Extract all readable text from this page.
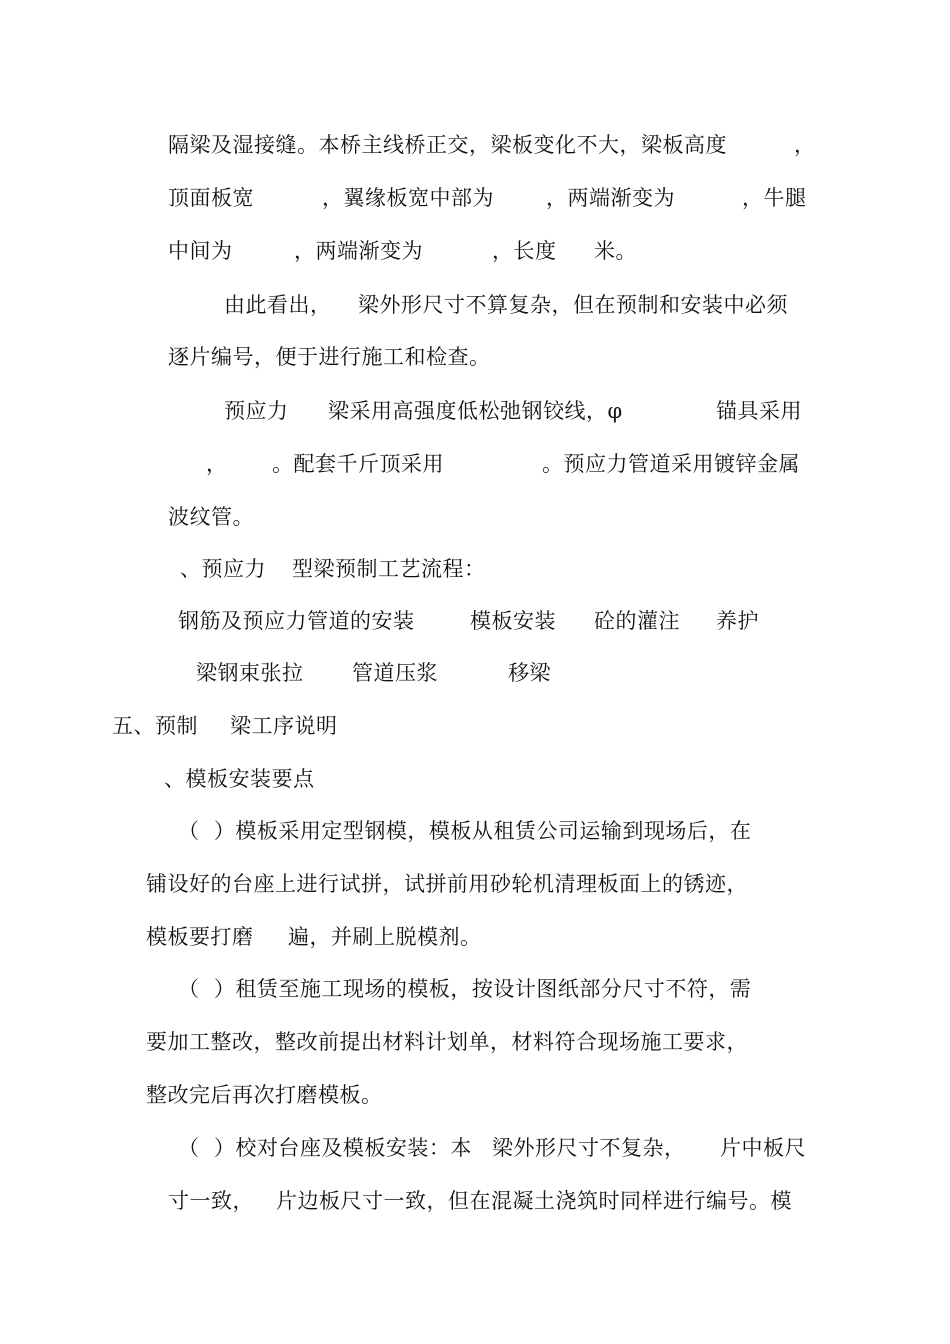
隔梁及湿接缝。本桥主线桥正交，梁板变化不大，梁板高度	，
顶面板宽	，翼缘板宽中部为 ，两端渐变为	，牛腿
中间为	，两端渐变为	，长度 米。
由此看出， 梁外形尺寸不算复杂，但在预制和安装中必须
逐片编号，便于进行施工和检查。
预应力 梁采用高强度低松弛钢铰线，φ	锚具采用
， 。配套千斤顶采用	。预应力管道采用镀锌金属
波纹管。
、预应力 型梁预制工艺流程：
钢筋及预应力管道的安装	模板安装 砼的灌注 养护
梁钢束张拉 管道压浆	移梁
五、预制 梁工序说明
、模板安装要点
（  ）模板采用定型钢模，模板从租赁公司运输到现场后，在
铺设好的台座上进行试拼，试拼前用砂轮机清理板面上的锈迹，
模板要打磨 遍，并刷上脱模剂。
（  ）租赁至施工现场的模板，按设计图纸部分尺寸不符，需
要加工整改，整改前提出材料计划单，材料符合现场施工要求，
整改完后再次打磨模板。
（  ）校对台座及模板安装：本 梁外形尺寸不复杂， 片中板尺
寸一致， 片边板尺寸一致，但在混凝土浇筑时同样进行编号。模
